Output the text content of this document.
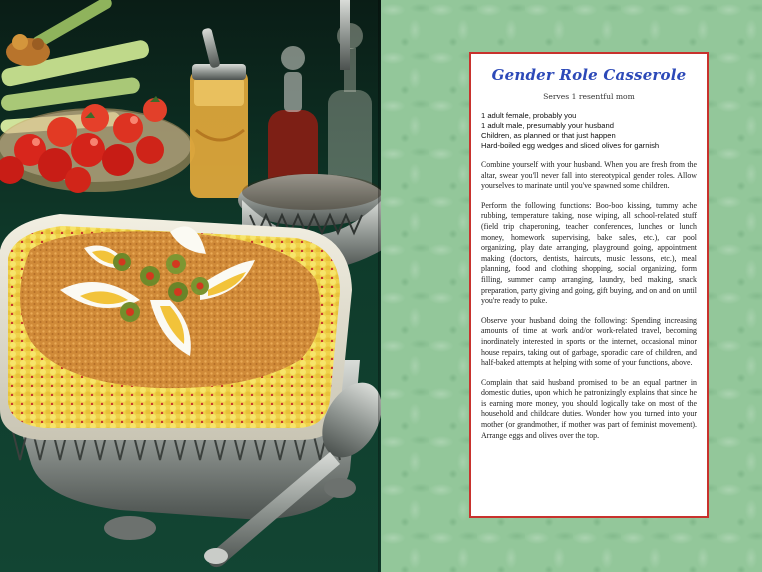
Gender Role Casserole
Serves 1 resentful mom
1 adult female, probably you
1 adult male, presumably your husband
Children, as planned or that just happen
Hard-boiled egg wedges and sliced olives for garnish

Combine yourself with your husband. When you are fresh from the altar, swear you'll never fall into stereotypical gender roles. Allow yourselves to marinate until you've spawned some children.

Perform the following functions: Boo-boo kissing, tummy ache rubbing, temperature taking, nose wiping, all school-related stuff (field trip chaperoning, teacher conferences, lunches or lunch money, homework supervising, bake sales, etc.), car pool organizing, play date arranging, playground going, appointment making (doctors, dentists, haircuts, music lessons, etc.), meal planning, food and clothing shopping, social organizing, form filling, summer camp arranging, laundry, bed making, snack preparation, party giving and going, gift buying, and on and on until you're ready to puke.

Observe your husband doing the following: Spending increasing amounts of time at work and/or work-related travel, becoming inordinately interested in sports or the internet, occasional minor house repairs, taking out of garbage, sporadic care of children, and half-baked attempts at helping with some of your functions, above.

Complain that said husband promised to be an equal partner in domestic duties, upon which he patronizingly explains that since he is earning more money, you should logically take on most of the household and childcare duties. Wonder how you turned into your mother (or grandmother, if mother was part of feminist movement). Arrange eggs and olives over the top.
